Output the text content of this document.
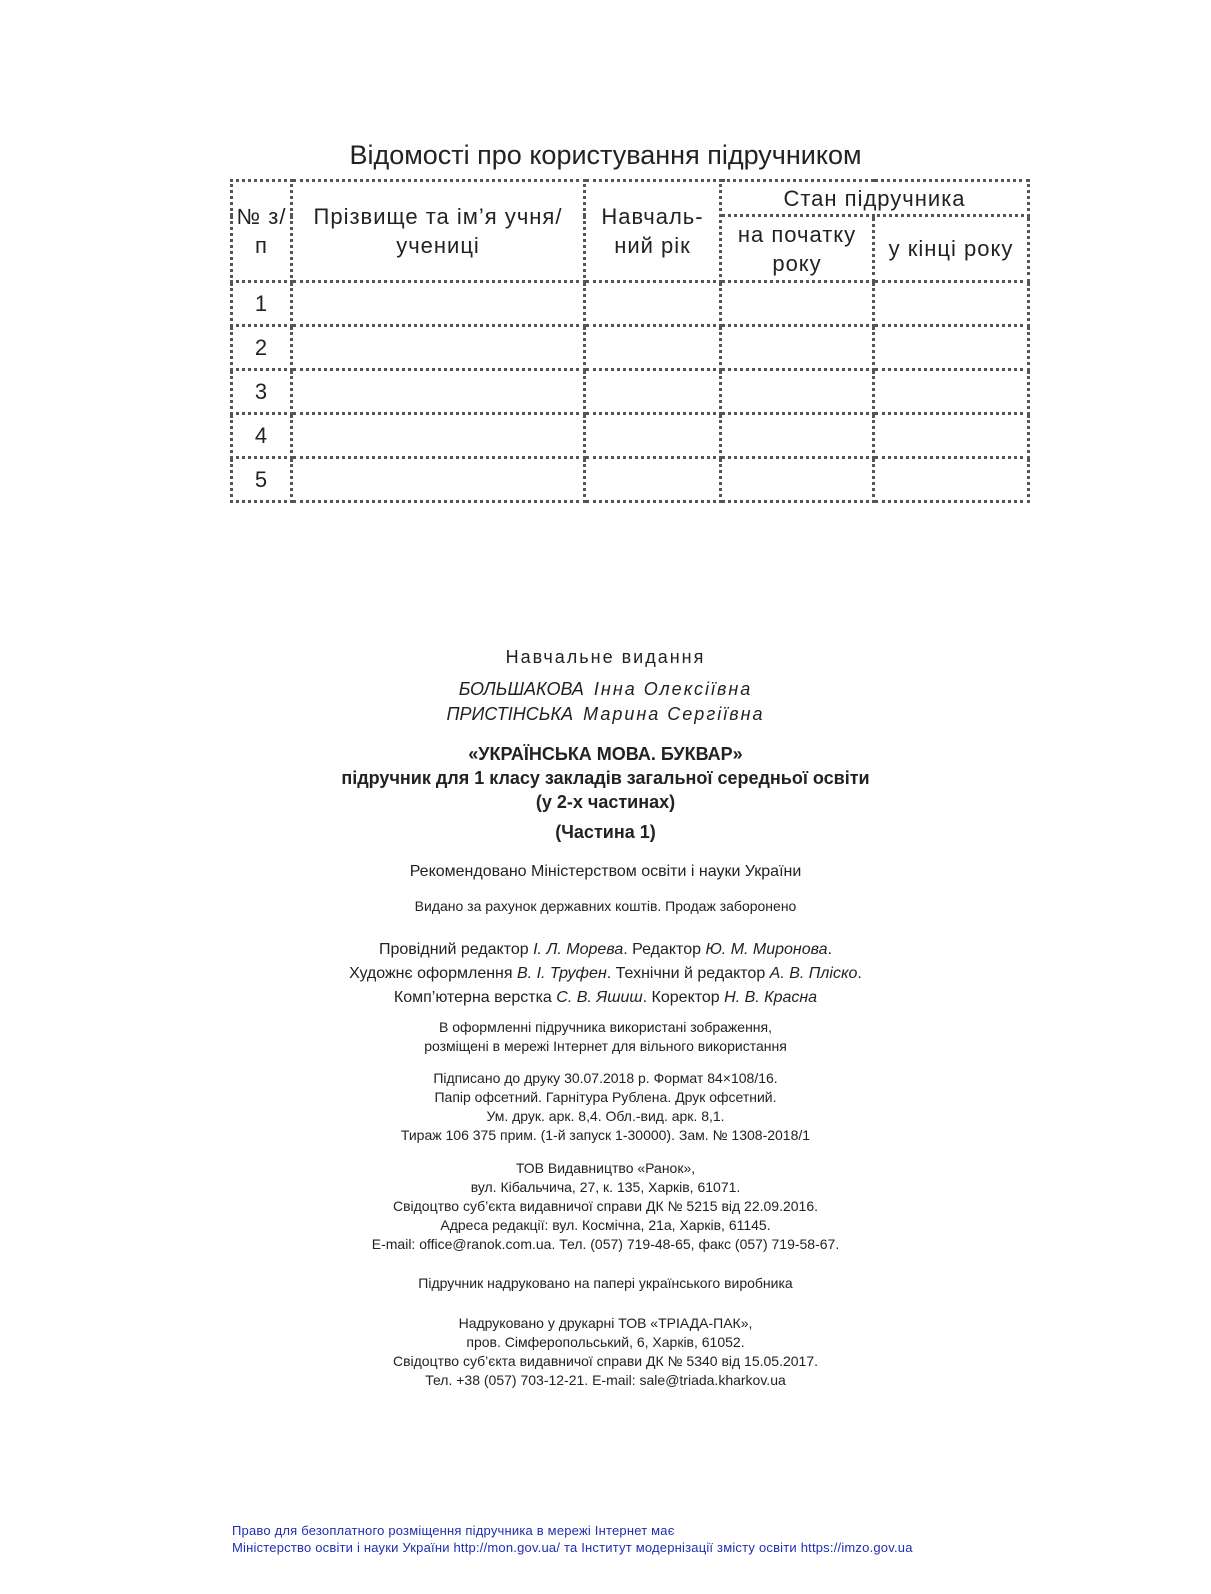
Відомості про користування підручником
№ з/п	Прізвище та ім’я учня/учениці	Навчаль-ний рік	Стан підручника	
			на початку року	у кінці року
1				
2				
3				
4				
5				
Навчальне видання
БОЛЬШАКОВА Інна Олексіївна
ПРИСТІНСЬКА Марина Сергіївна
«УКРАЇНСЬКА МОВА. БУКВАР»
підручник для 1 класу закладів загальної середньої освіти
(у 2-х частинах)
(Частина 1)
Рекомендовано Міністерством освіти і науки України
Видано за рахунок державних коштів. Продаж заборонено
Провідний редактор І. Л. Морева. Редактор Ю. М. Миронова.
Художнє оформлення В. І. Труфен. Технічни й редактор А. В. Пліско.
Комп’ютерна верстка С. В. Яшиш. Коректор Н. В. Красна
В оформленні підручника використані зображення,
розміщені в мережі Інтернет для вільного використання
Підписано до друку 30.07.2018 р. Формат 84×108/16.
Папір офсетний. Гарнітура Рублена. Друк офсетний.
Ум. друк. арк. 8,4. Обл.-вид. арк. 8,1.
Тираж 106 375 прим. (1-й запуск 1-30000). Зам. № 1308-2018/1
ТОВ Видавництво «Ранок»,
вул. Кібальчича, 27, к. 135, Харків, 61071.
Свідоцтво суб’єкта видавничої справи ДК № 5215 від 22.09.2016.
Адреса редакції: вул. Космічна, 21а, Харків, 61145.
E-mail: office@ranok.com.ua. Тел. (057) 719-48-65, факс (057) 719-58-67.
Підручник надруковано на папері українського виробника
Надруковано у друкарні ТОВ «ТРІАДА-ПАК»,
пров. Сімферопольський, 6, Харків, 61052.
Свідоцтво суб’єкта видавничої справи ДК № 5340 від 15.05.2017.
Тел. +38 (057) 703-12-21. E-mail: sale@triada.kharkov.ua
Право для безоплатного розміщення підручника в мережі Інтернет має
Міністерство освіти і науки України http://mon.gov.ua/ та Інститут модернізації змісту освіти https://imzo.gov.ua
